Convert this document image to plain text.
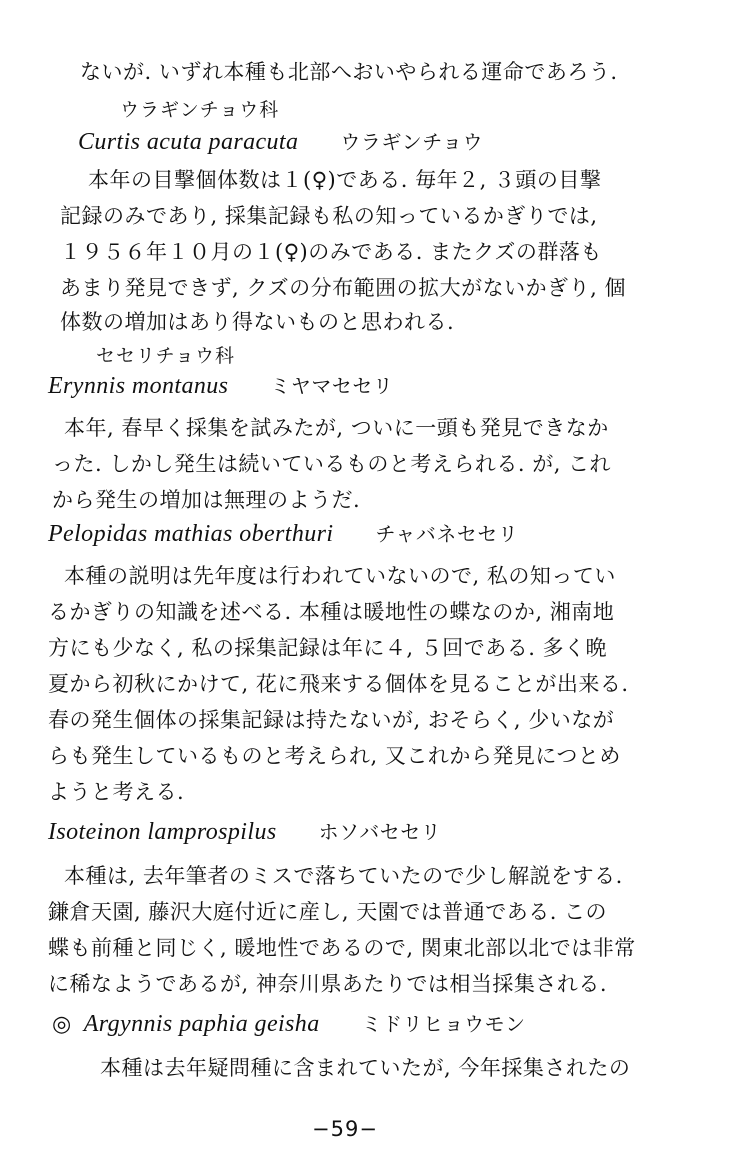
ないが. いずれ本種も北部へおいやられる運命であろう.
ウラギンチョウ科
Curtis acuta paracuta ウラギンチョウ
本年の目撃個体数は１(♀)である. 毎年２, ３頭の目撃
記録のみであり, 採集記録も私の知っているかぎりでは,
１９５６年１０月の１(♀)のみである. またクズの群落も
あまり発見できず, クズの分布範囲の拡大がないかぎり, 個
体数の増加はあり得ないものと思われる.
セセリチョウ科
Erynnis montanus ミヤマセセリ
本年, 春早く採集を試みたが, ついに一頭も発見できなか
った. しかし発生は続いているものと考えられる. が, これ
から発生の増加は無理のようだ.
Pelopidas mathias oberthuri チャバネセセリ
本種の説明は先年度は行われていないので, 私の知ってい
るかぎりの知識を述べる. 本種は暖地性の蝶なのか, 湘南地
方にも少なく, 私の採集記録は年に４, ５回である. 多く晩
夏から初秋にかけて, 花に飛来する個体を見ることが出来る.
春の発生個体の採集記録は持たないが, おそらく, 少いなが
らも発生しているものと考えられ, 又これから発見につとめ
ようと考える.
Isoteinon lamprospilus ホソバセセリ
本種は, 去年筆者のミスで落ちていたので少し解説をする.
鎌倉天園, 藤沢大庭付近に産し, 天園では普通である. この
蝶も前種と同じく, 暖地性であるので, 関東北部以北では非常
に稀なようであるが, 神奈川県あたりでは相当採集される.
◎ Argynnis paphia geisha ミドリヒョウモン
本種は去年疑問種に含まれていたが, 今年採集されたの
−59−
